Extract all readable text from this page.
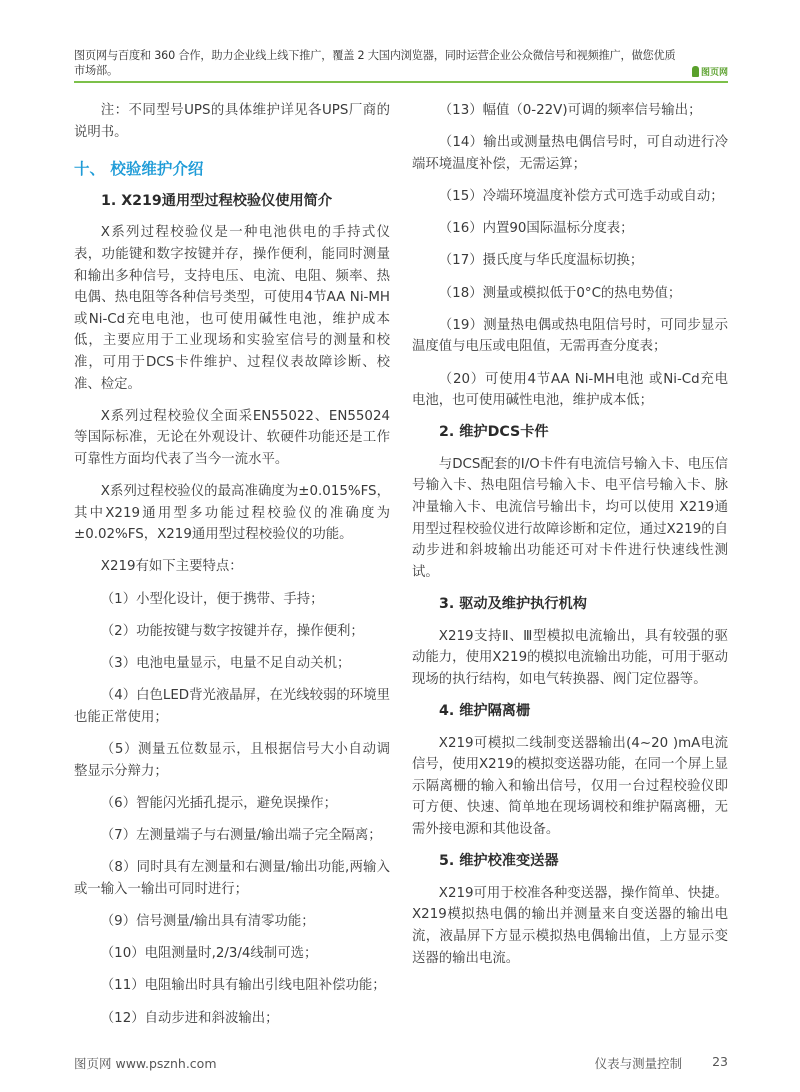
图页网与百度和 360 合作，助力企业线上线下推广，覆盖 2 大国内浏览器，同时运营企业公众微信号和视频推广，做您优质市场部。	图页网

注：不同型号UPS的具体维护详见各UPS厂商的说明书。

十、 校验维护介绍
1. X219通用型过程校验仪使用简介

X系列过程校验仪是一种电池供电的手持式仪表，功能键和数字按键并存，操作便利，能同时测量和输出多种信号，支持电压、电流、电阻、频率、热电偶、热电阻等各种信号类型，可使用4节AA Ni-MH或Ni-Cd充电电池，也可使用碱性电池，维护成本低，主要应用于工业现场和实验室信号的测量和校准，可用于DCS卡件维护、过程仪表故障诊断、校准、检定。

X系列过程校验仪全面采EN55022、EN55024等国际标准，无论在外观设计、软硬件功能还是工作可靠性方面均代表了当今一流水平。

X系列过程校验仪的最高准确度为±0.015%FS，其中X219通用型多功能过程校验仪的准确度为±0.02%FS，X219通用型过程校验仪的功能。

X219有如下主要特点：

（1）小型化设计，便于携带、手持；

（2）功能按键与数字按键并存，操作便利；

（3）电池电量显示，电量不足自动关机；

（4）白色LED背光液晶屏，在光线较弱的环境里也能正常使用；

（5）测量五位数显示，且根据信号大小自动调整显示分辩力；

（6）智能闪光插孔提示，避免误操作；

（7）左测量端子与右测量/输出端子完全隔离；

（8）同时具有左测量和右测量/输出功能,两输入或一输入一输出可同时进行；

（9）信号测量/输出具有清零功能；

（10）电阻测量时,2/3/4线制可选；

（11）电阻输出时具有输出引线电阻补偿功能；

（12）自动步进和斜波输出；

（13）幅值（0-22V)可调的频率信号输出；

（14）输出或测量热电偶信号时，可自动进行冷端环境温度补偿，无需运算；

（15）冷端环境温度补偿方式可选手动或自动；

（16）内置90国际温标分度表；

（17）摄氏度与华氏度温标切换；

（18）测量或模拟低于0°C的热电势值；

（19）测量热电偶或热电阻信号时，可同步显示温度值与电压或电阻值，无需再查分度表；

（20）可使用4节AA Ni-MH电池 或Ni-Cd充电电池，也可使用碱性电池，维护成本低；

2. 维护DCS卡件

与DCS配套的I/O卡件有电流信号输入卡、电压信号输入卡、热电阻信号输入卡、电平信号输入卡、脉冲量输入卡、电流信号输出卡，均可以使用 X219通用型过程校验仪进行故障诊断和定位，通过X219的自动步进和斜坡输出功能还可对卡件进行快速线性测试。

3. 驱动及维护执行机构

X219支持Ⅱ、Ⅲ型模拟电流输出，具有较强的驱动能力，使用X219的模拟电流输出功能，可用于驱动现场的执行结构，如电气转换器、阀门定位器等。

4. 维护隔离栅

X219可模拟二线制变送器输出(4~20 )mA电流信号，使用X219的模拟变送器功能，在同一个屏上显示隔离栅的输入和输出信号，仅用一台过程校验仪即可方便、快速、简单地在现场调校和维护隔离栅，无需外接电源和其他设备。

5. 维护校准变送器

X219可用于校准各种变送器，操作简单、快捷。X219模拟热电偶的输出并测量来自变送器的输出电流，液晶屏下方显示模拟热电偶输出值，上方显示变送器的输出电流。

图页网 www.psznh.com	仪表与测量控制 23
